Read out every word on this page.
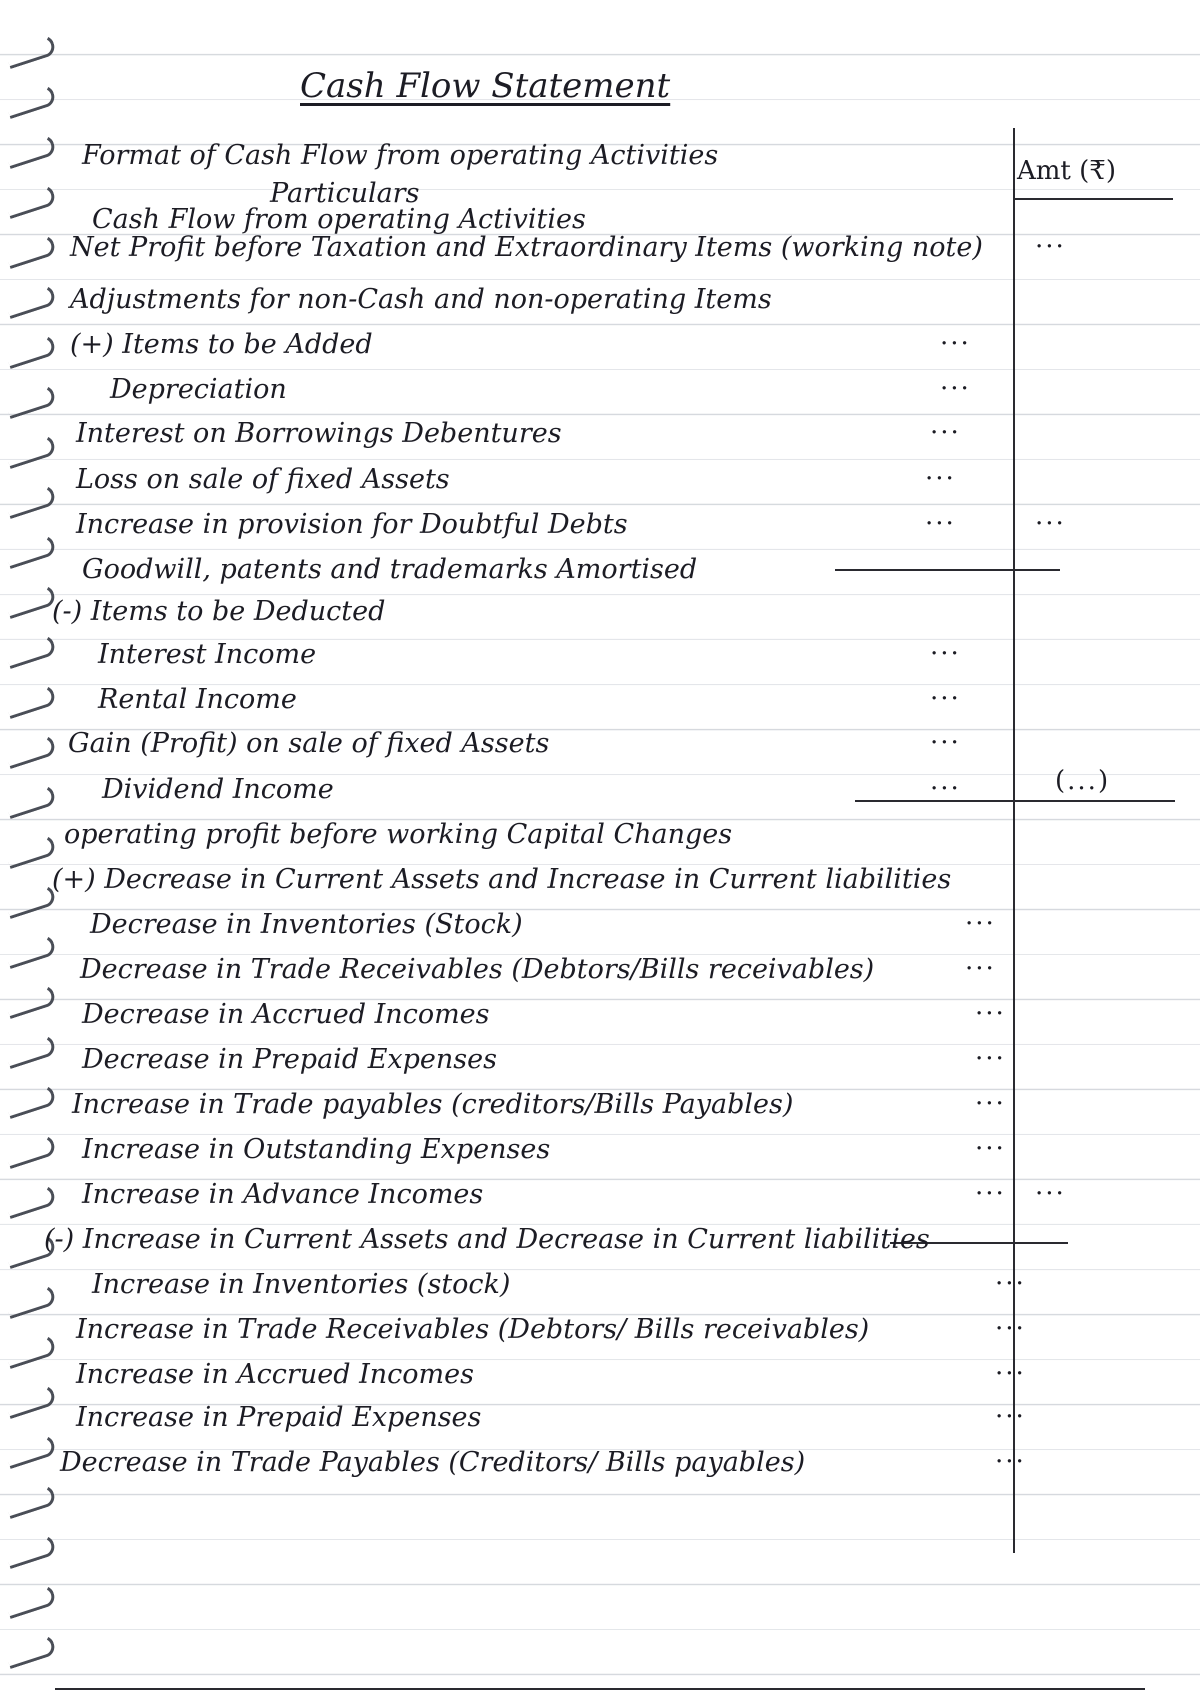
Cash Flow Statement
Format of Cash Flow from operating Activities
Particulars
Amt (₹)
Cash Flow from operating Activities
Net Profit before Taxation and Extraordinary Items (working note) ...
Adjustments for non-Cash and non-operating Items
(+) Items to be Added	...
Depreciation	...
Interest on Borrowings Debentures	...
Loss on sale of fixed Assets	...
Increase in provision for Doubtful Debts	...	...
Goodwill, patents and trademarks Amortised
(-) Items to be Deducted
Interest Income	...
Rental Income	...
Gain (Profit) on sale of fixed Assets	...
Dividend Income	...	(...)
operating profit before working Capital Changes
(+) Decrease in Current Assets and Increase in Current liabilities
Decrease in Inventories (Stock)	...
Decrease in Trade Receivables (Debtors/Bills receivables)	...
Decrease in Accrued Incomes	...
Decrease in Prepaid Expenses	...
Increase in Trade payables (creditors/Bills Payables)	...
Increase in Outstanding Expenses	...
Increase in Advance Incomes	... ...
(-) Increase in Current Assets and Decrease in Current liabilities
Increase in Inventories (stock)	...
Increase in Trade Receivables (Debtors/ Bills receivables)	...
Increase in Accrued Incomes	...
Increase in Prepaid Expenses	...
Decrease in Trade Payables (Creditors/ Bills payables)	...
